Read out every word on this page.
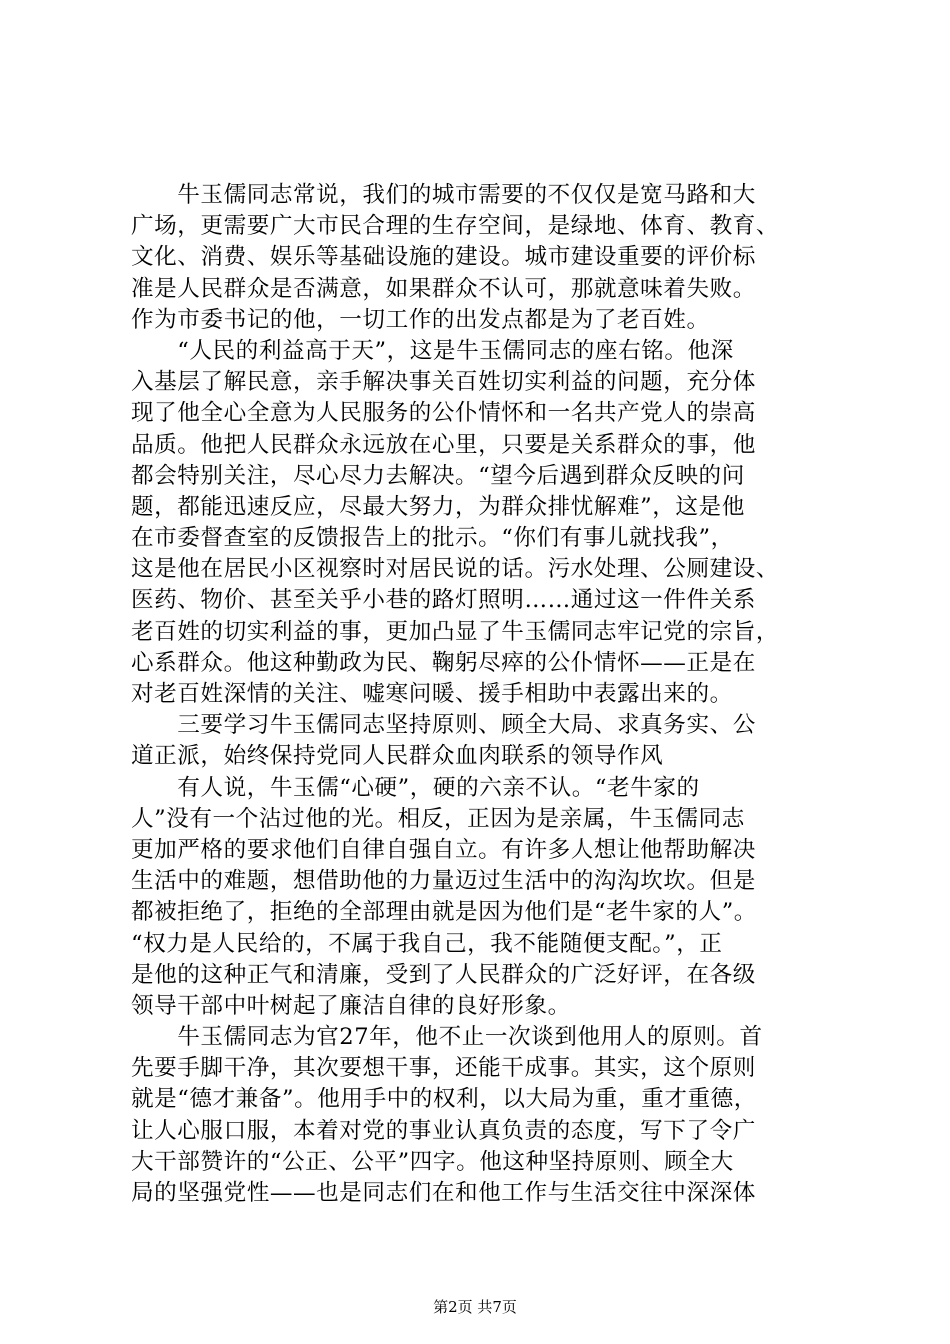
　　牛玉儒同志常说，我们的城市需要的不仅仅是宽马路和大
广场，更需要广大市民合理的生存空间，是绿地、体育、教育、
文化、消费、娱乐等基础设施的建设。城市建设重要的评价标
准是人民群众是否满意，如果群众不认可，那就意味着失败。
作为市委书记的他，一切工作的出发点都是为了老百姓。

　　“人民的利益高于天”，这是牛玉儒同志的座右铭。他深
入基层了解民意，亲手解决事关百姓切实利益的问题，充分体
现了他全心全意为人民服务的公仆情怀和一名共产党人的崇高
品质。他把人民群众永远放在心里，只要是关系群众的事，他
都会特别关注，尽心尽力去解决。“望今后遇到群众反映的问
题，都能迅速反应，尽最大努力，为群众排忧解难”，这是他
在市委督查室的反馈报告上的批示。“你们有事儿就找我”，
这是他在居民小区视察时对居民说的话。污水处理、公厕建设、
医药、物价、甚至关乎小巷的路灯照明……通过这一件件关系
老百姓的切实利益的事，更加凸显了牛玉儒同志牢记党的宗旨，
心系群众。他这种勤政为民、鞠躬尽瘁的公仆情怀——正是在
对老百姓深情的关注、嘘寒问暖、援手相助中表露出来的。

　　三要学习牛玉儒同志坚持原则、顾全大局、求真务实、公
道正派，始终保持党同人民群众血肉联系的领导作风

　　有人说，牛玉儒“心硬”，硬的六亲不认。“老牛家的
人”没有一个沾过他的光。相反，正因为是亲属，牛玉儒同志
更加严格的要求他们自律自强自立。有许多人想让他帮助解决
生活中的难题，想借助他的力量迈过生活中的沟沟坎坎。但是
都被拒绝了，拒绝的全部理由就是因为他们是“老牛家的人”。
“权力是人民给的，不属于我自己，我不能随便支配。”，正
是他的这种正气和清廉，受到了人民群众的广泛好评，在各级
领导干部中叶树起了廉洁自律的良好形象。

　　牛玉儒同志为官27年，他不止一次谈到他用人的原则。首
先要手脚干净，其次要想干事，还能干成事。其实，这个原则
就是“德才兼备”。他用手中的权利，以大局为重，重才重德，
让人心服口服，本着对党的事业认真负责的态度，写下了令广
大干部赞许的“公正、公平”四字。他这种坚持原则、顾全大
局的坚强党性——也是同志们在和他工作与生活交往中深深体

第2页 共7页
